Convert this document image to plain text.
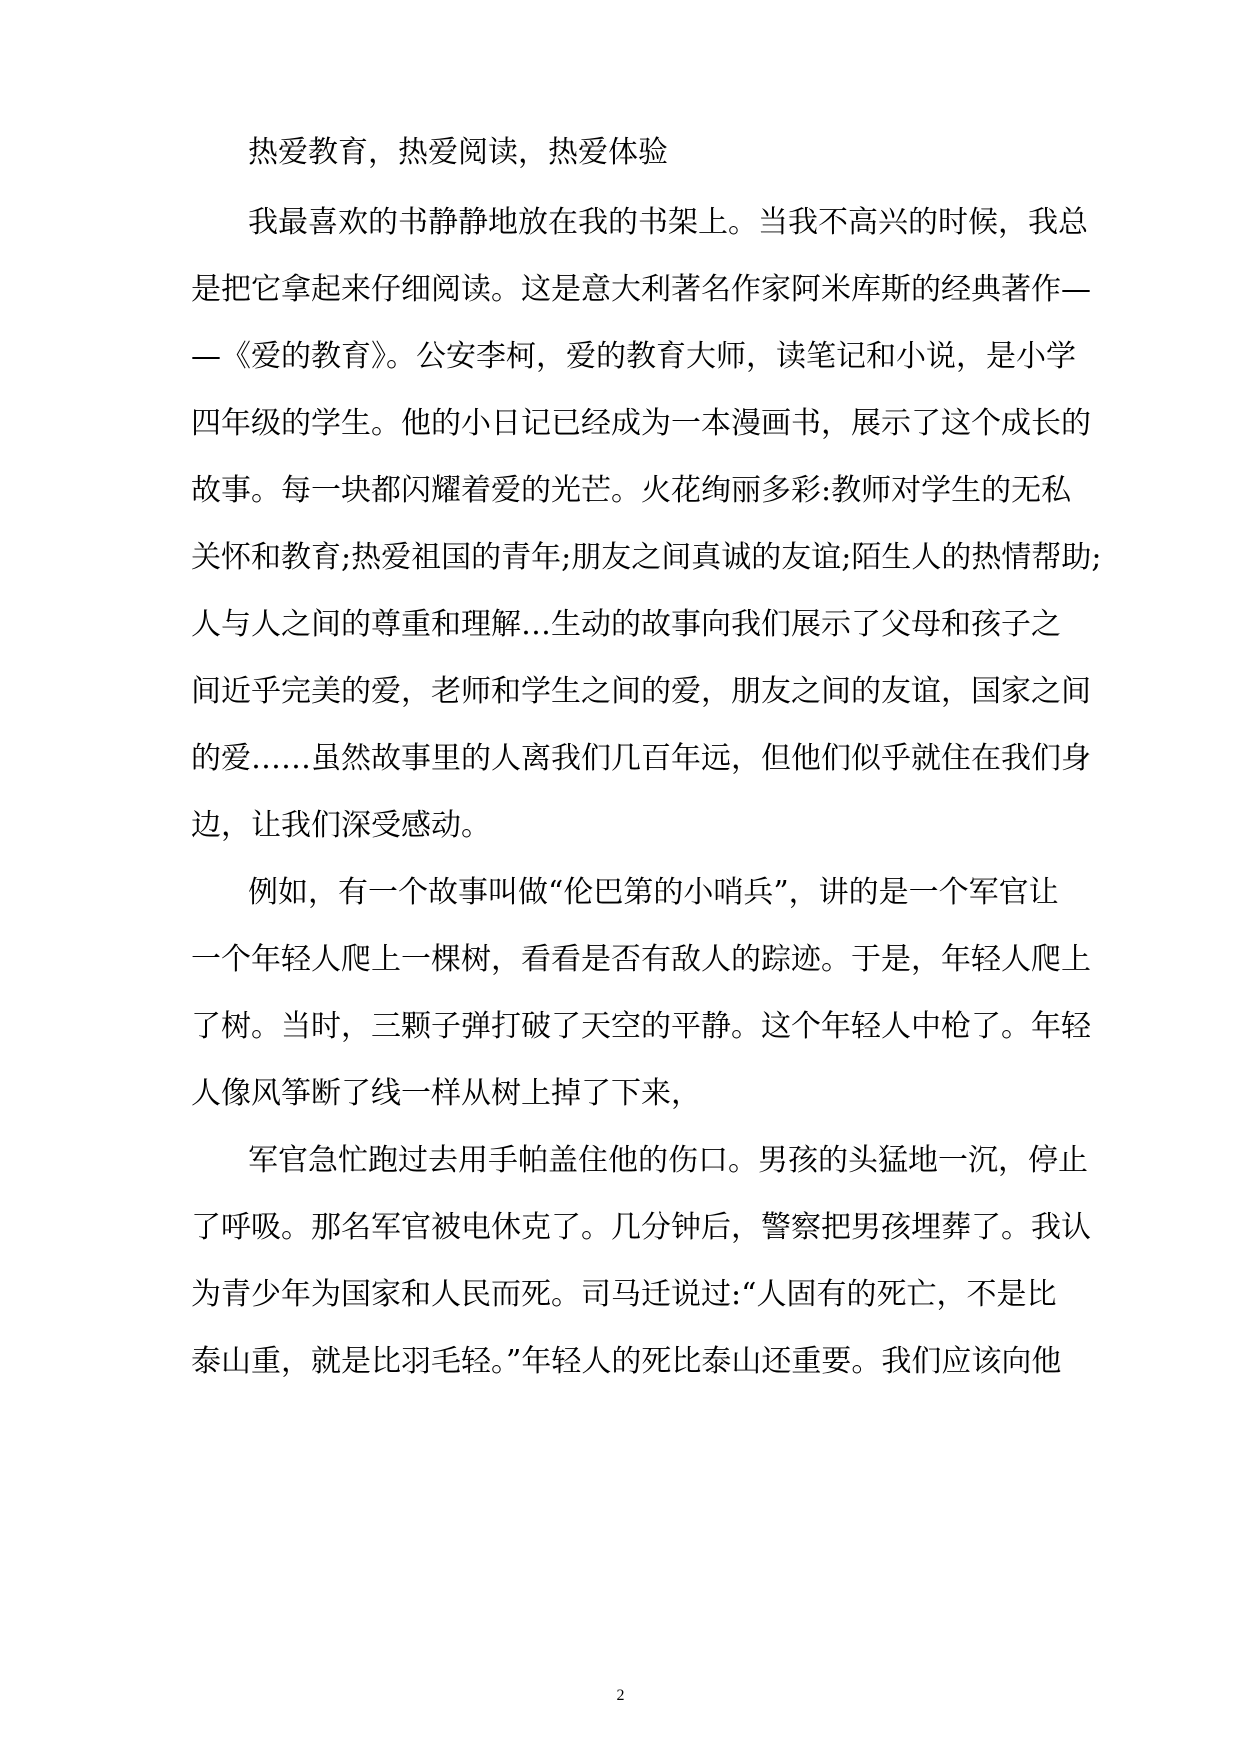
热爱教育，热爱阅读，热爱体验
我最喜欢的书静静地放在我的书架上。当我不高兴的时候，我总
是把它拿起来仔细阅读。这是意大利著名作家阿米库斯的经典著作—
—《爱的教育》。公安李柯，爱的教育大师，读笔记和小说，是小学
四年级的学生。他的小日记已经成为一本漫画书，展示了这个成长的
故事。每一块都闪耀着爱的光芒。火花绚丽多彩:教师对学生的无私
关怀和教育;热爱祖国的青年;朋友之间真诚的友谊;陌生人的热情帮助;
人与人之间的尊重和理解…生动的故事向我们展示了父母和孩子之
间近乎完美的爱，老师和学生之间的爱，朋友之间的友谊，国家之间
的爱……虽然故事里的人离我们几百年远，但他们似乎就住在我们身
边，让我们深受感动。
例如，有一个故事叫做“伦巴第的小哨兵”，讲的是一个军官让
一个年轻人爬上一棵树，看看是否有敌人的踪迹。于是，年轻人爬上
了树。当时，三颗子弹打破了天空的平静。这个年轻人中枪了。年轻
人像风筝断了线一样从树上掉了下来，
军官急忙跑过去用手帕盖住他的伤口。男孩的头猛地一沉，停止
了呼吸。那名军官被电休克了。几分钟后，警察把男孩埋葬了。我认
为青少年为国家和人民而死。司马迁说过:“人固有的死亡，不是比
泰山重，就是比羽毛轻。”年轻人的死比泰山还重要。我们应该向他
2
